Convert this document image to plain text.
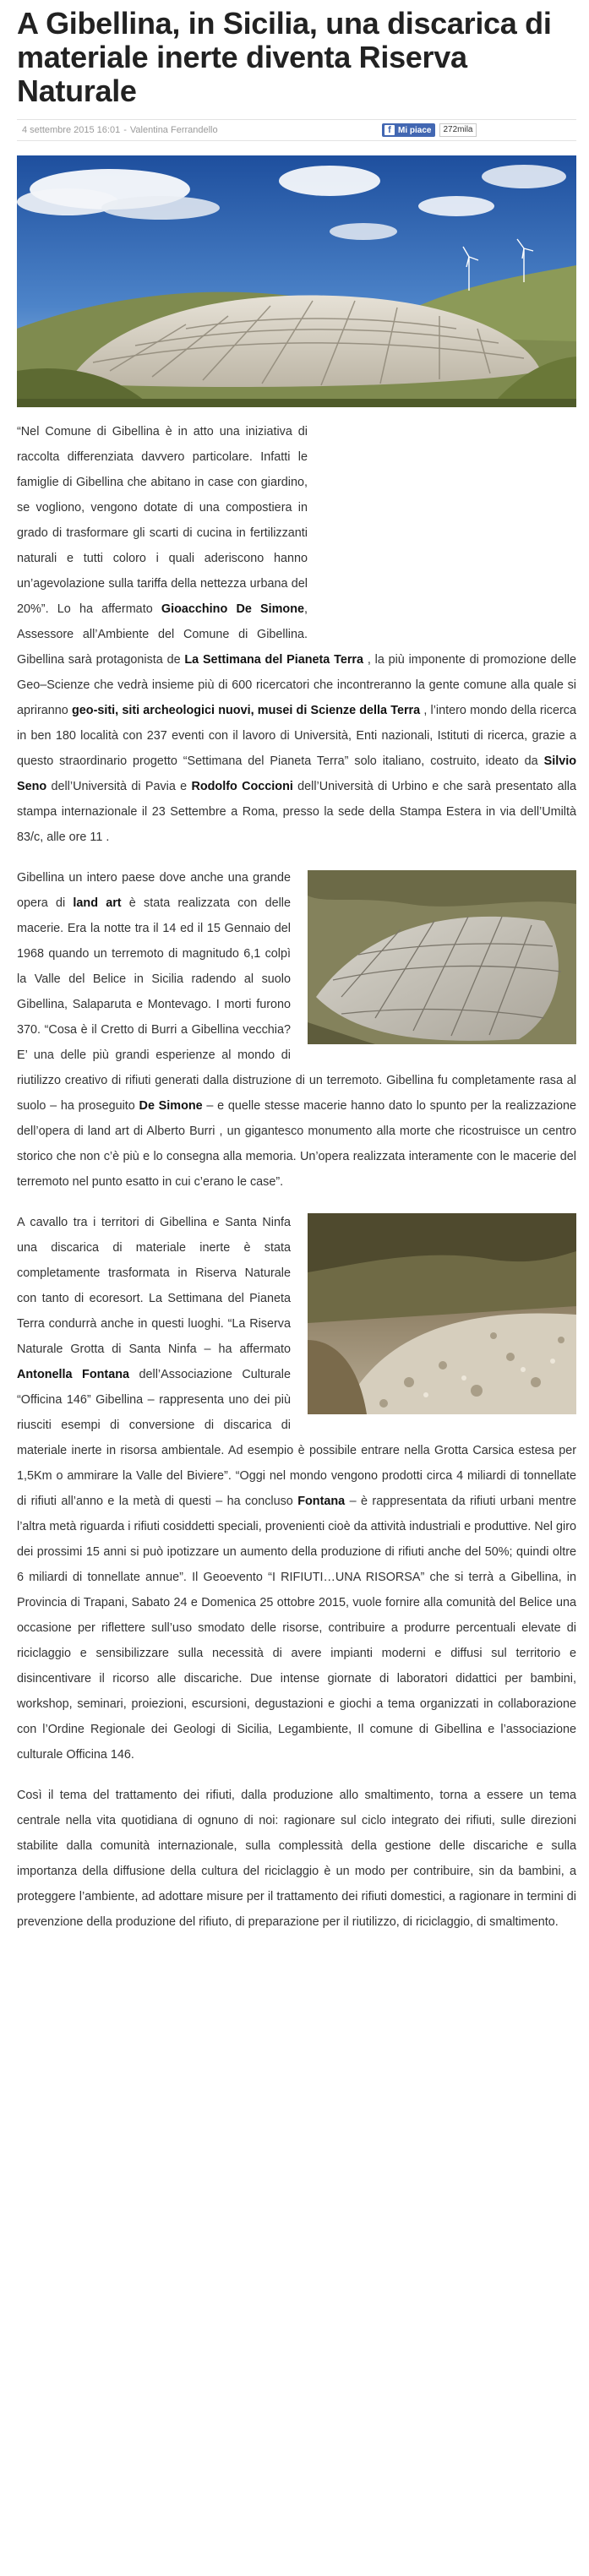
A Gibellina, in Sicilia, una discarica di materiale inerte diventa Riserva Naturale
4 settembre 2015 16:01 - Valentina Ferrandello	f Mi piace	272mila
“Nel Comune di Gibellina è in atto una iniziativa di raccolta differenziata davvero particolare. Infatti le famiglie di Gibellina che abitano in case con giardino, se vogliono, vengono dotate di una compostiera in grado di trasformare gli scarti di cucina in fertilizzanti naturali e tutti coloro i quali aderiscono hanno un’agevolazione sulla tariffa della nettezza urbana del 20%”. Lo ha affermato Gioacchino De Simone, Assessore all’Ambiente del Comune di Gibellina. Gibellina sarà protagonista de La Settimana del Pianeta Terra , la più imponente di promozione delle Geo–Scienze che vedrà insieme più di 600 ricercatori che incontreranno la gente comune alla quale si apriranno geo-siti, siti archeologici nuovi, musei di Scienze della Terra , l’intero mondo della ricerca in ben 180 località con 237 eventi con il lavoro di Università, Enti nazionali, Istituti di ricerca, grazie a questo straordinario progetto “Settimana del Pianeta Terra” solo italiano, costruito, ideato da Silvio Seno dell’Università di Pavia e Rodolfo Coccioni dell’Università di Urbino e che sarà presentato alla stampa internazionale il 23 Settembre a Roma, presso la sede della Stampa Estera in via dell’Umiltà 83/c, alle ore 11 .
Gibellina un intero paese dove anche una grande opera di land art è stata realizzata con delle macerie. Era la notte tra il 14 ed il 15 Gennaio del 1968 quando un terremoto di magnitudo 6,1 colpì la Valle del Belice in Sicilia radendo al suolo Gibellina, Salaparuta e Montevago. I morti furono 370. “Cosa è il Cretto di Burri a Gibellina vecchia? E’ una delle più grandi esperienze al mondo di riutilizzo creativo di rifiuti generati dalla distruzione di un terremoto. Gibellina fu completamente rasa al suolo – ha proseguito De Simone – e quelle stesse macerie hanno dato lo spunto per la realizzazione dell’opera di land art di Alberto Burri , un gigantesco monumento alla morte che ricostruisce un centro storico che non c’è più e lo consegna alla memoria. Un’opera realizzata interamente con le macerie del terremoto nel punto esatto in cui c’erano le case”.
A cavallo tra i territori di Gibellina e Santa Ninfa una discarica di materiale inerte è stata completamente trasformata in Riserva Naturale con tanto di ecoresort. La Settimana del Pianeta Terra condurrà anche in questi luoghi. “La Riserva Naturale Grotta di Santa Ninfa – ha affermato Antonella Fontana dell’Associazione Culturale “Officina 146” Gibellina – rappresenta uno dei più riusciti esempi di conversione di discarica di materiale inerte in risorsa ambientale. Ad esempio è possibile entrare nella Grotta Carsica estesa per 1,5Km o ammirare la Valle del Biviere”. “Oggi nel mondo vengono prodotti circa 4 miliardi di tonnellate di rifiuti all’anno e la metà di questi – ha concluso Fontana – è rappresentata da rifiuti urbani mentre l’altra metà riguarda i rifiuti cosiddetti speciali, provenienti cioè da attività industriali e produttive. Nel giro dei prossimi 15 anni si può ipotizzare un aumento della produzione di rifiuti anche del 50%; quindi oltre 6 miliardi di tonnellate annue”. Il Geoevento “I RIFIUTI…UNA RISORSA” che si terrà a Gibellina, in Provincia di Trapani, Sabato 24 e Domenica 25 ottobre 2015, vuole fornire alla comunità del Belice una occasione per riflettere sull’uso smodato delle risorse, contribuire a produrre percentuali elevate di riciclaggio e sensibilizzare sulla necessità di avere impianti moderni e diffusi sul territorio e disincentivare il ricorso alle discariche. Due intense giornate di laboratori didattici per bambini, workshop, seminari, proiezioni, escursioni, degustazioni e giochi a tema organizzati in collaborazione con l’Ordine Regionale dei Geologi di Sicilia, Legambiente, Il comune di Gibellina e l’associazione culturale Officina 146.
Così il tema del trattamento dei rifiuti, dalla produzione allo smaltimento, torna a essere un tema centrale nella vita quotidiana di ognuno di noi: ragionare sul ciclo integrato dei rifiuti, sulle direzioni stabilite dalla comunità internazionale, sulla complessità della gestione delle discariche e sulla importanza della diffusione della cultura del riciclaggio è un modo per contribuire, sin da bambini, a proteggere l’ambiente, ad adottare misure per il trattamento dei rifiuti domestici, a ragionare in termini di prevenzione della produzione del rifiuto, di preparazione per il riutilizzo, di riciclaggio, di smaltimento.
